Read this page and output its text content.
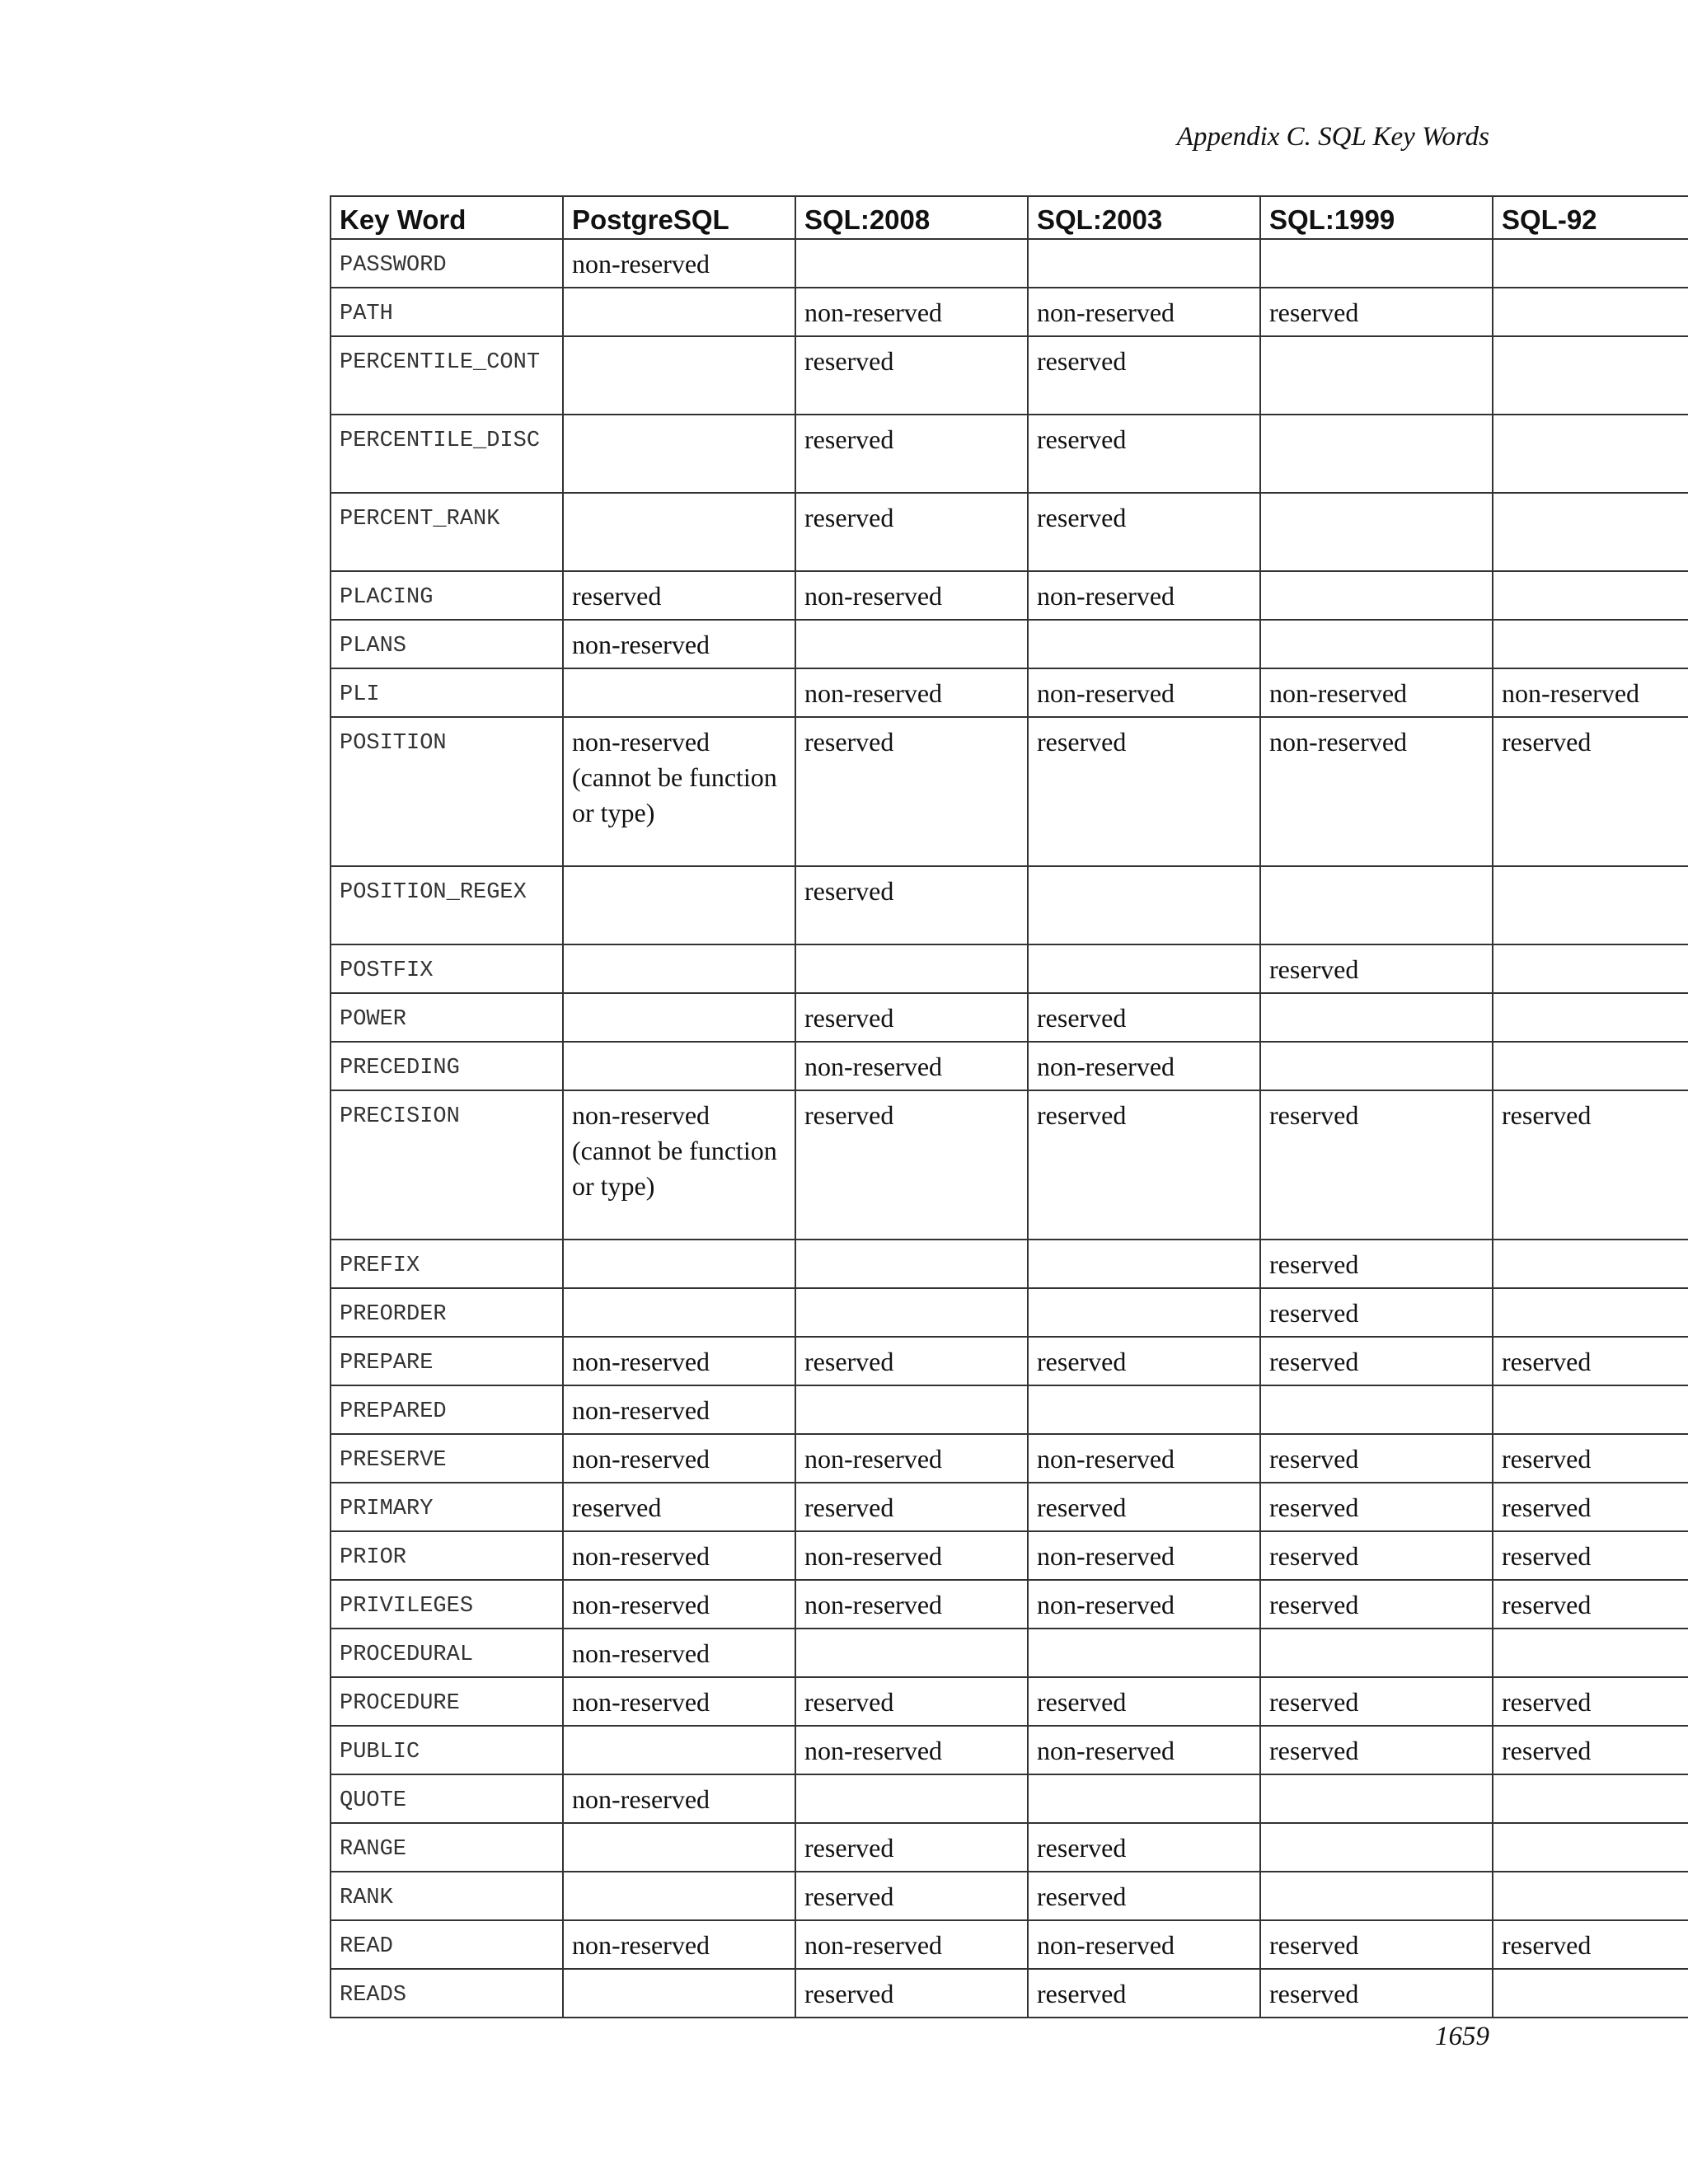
Appendix C. SQL Key Words
Key Word	PostgreSQL	SQL:2008	SQL:2003	SQL:1999	SQL-92
PASSWORD	non-reserved				
PATH		non-reserved	non-reserved	reserved	
PERCENTILE_CONT		reserved	reserved		
PERCENTILE_DISC		reserved	reserved		
PERCENT_RANK		reserved	reserved		
PLACING	reserved	non-reserved	non-reserved		
PLANS	non-reserved				
PLI		non-reserved	non-reserved	non-reserved	non-reserved
POSITION	non-reserved (cannot be function or type)	reserved	reserved	non-reserved	reserved
POSITION_REGEX		reserved			
POSTFIX				reserved	
POWER		reserved	reserved		
PRECEDING		non-reserved	non-reserved		
PRECISION	non-reserved (cannot be function or type)	reserved	reserved	reserved	reserved
PREFIX				reserved	
PREORDER				reserved	
PREPARE	non-reserved	reserved	reserved	reserved	reserved
PREPARED	non-reserved				
PRESERVE	non-reserved	non-reserved	non-reserved	reserved	reserved
PRIMARY	reserved	reserved	reserved	reserved	reserved
PRIOR	non-reserved	non-reserved	non-reserved	reserved	reserved
PRIVILEGES	non-reserved	non-reserved	non-reserved	reserved	reserved
PROCEDURAL	non-reserved				
PROCEDURE	non-reserved	reserved	reserved	reserved	reserved
PUBLIC		non-reserved	non-reserved	reserved	reserved
QUOTE	non-reserved				
RANGE		reserved	reserved		
RANK		reserved	reserved		
READ	non-reserved	non-reserved	non-reserved	reserved	reserved
READS		reserved	reserved	reserved	
1659
